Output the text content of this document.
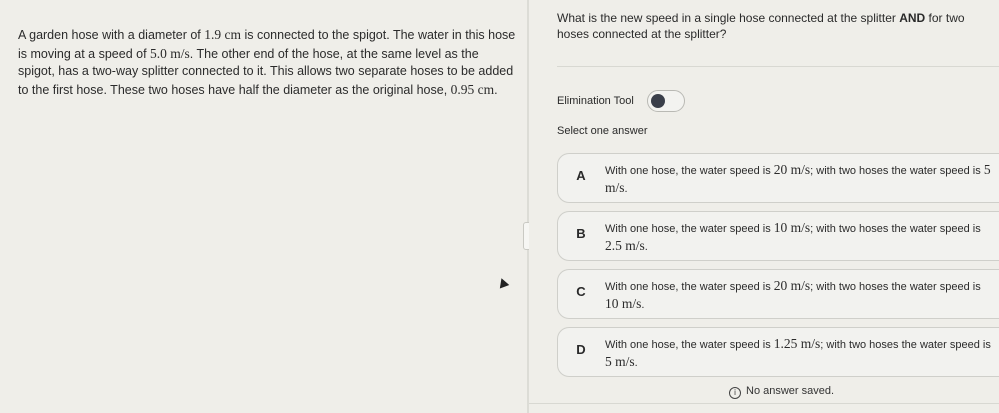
A garden hose with a diameter of 1.9 cm is connected to the spigot. The water in this hose is moving at a speed of 5.0 m/s. The other end of the hose, at the same level as the spigot, has a two-way splitter connected to it. This allows two separate hoses to be added to the first hose. These two hoses have half the diameter as the original hose, 0.95 cm.
What is the new speed in a single hose connected at the splitter AND for two hoses connected at the splitter?
Elimination Tool
Select one answer
A With one hose, the water speed is 20 m/s; with two hoses the water speed is 5 m/s.
B With one hose, the water speed is 10 m/s; with two hoses the water speed is 2.5 m/s.
C With one hose, the water speed is 20 m/s; with two hoses the water speed is 10 m/s.
D With one hose, the water speed is 1.25 m/s; with two hoses the water speed is 5 m/s.
i No answer saved.
